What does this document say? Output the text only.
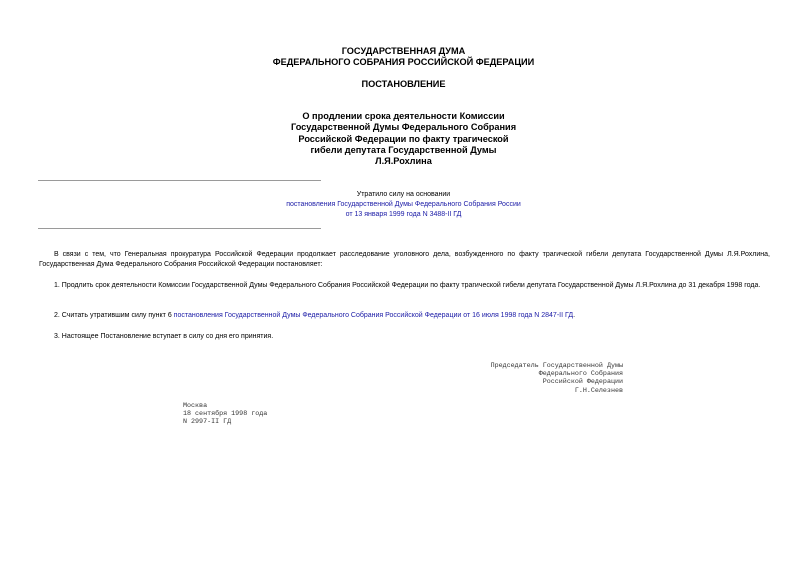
ГОСУДАРСТВЕННАЯ ДУМА
ФЕДЕРАЛЬНОГО СОБРАНИЯ РОССИЙСКОЙ ФЕДЕРАЦИИ
ПОСТАНОВЛЕНИЕ
О продлении срока деятельности Комиссии
Государственной Думы Федерального Собрания
Российской Федерации по факту трагической
гибели депутата Государственной Думы
Л.Я.Рохлина
Утратило силу на основании
постановления Государственной Думы Федерального Собрания России
от 13 января 1999 года N 3488-II ГД
В связи с тем, что Генеральная прокуратура Российской Федерации продолжает расследование уголовного дела, возбужденного по факту трагической гибели депутата Государственной Думы Л.Я.Рохлина, Государственная Дума Федерального Собрания Российской Федерации постановляет:
1. Продлить срок деятельности Комиссии Государственной Думы Федерального Собрания Российской Федерации по факту трагической гибели депутата Государственной Думы Л.Я.Рохлина до 31 декабря 1998 года.
2. Считать утратившим силу пункт 6 постановления Государственной Думы Федерального Собрания Российской Федерации от 16 июля 1998 года N 2847-II ГД.
3. Настоящее Постановление вступает в силу со дня его принятия.
Председатель Государственной Думы
Федерального Собрания
Российской Федерации
Г.Н.Селезнев
Москва
18 сентября 1998 года
N 2997-II ГД
